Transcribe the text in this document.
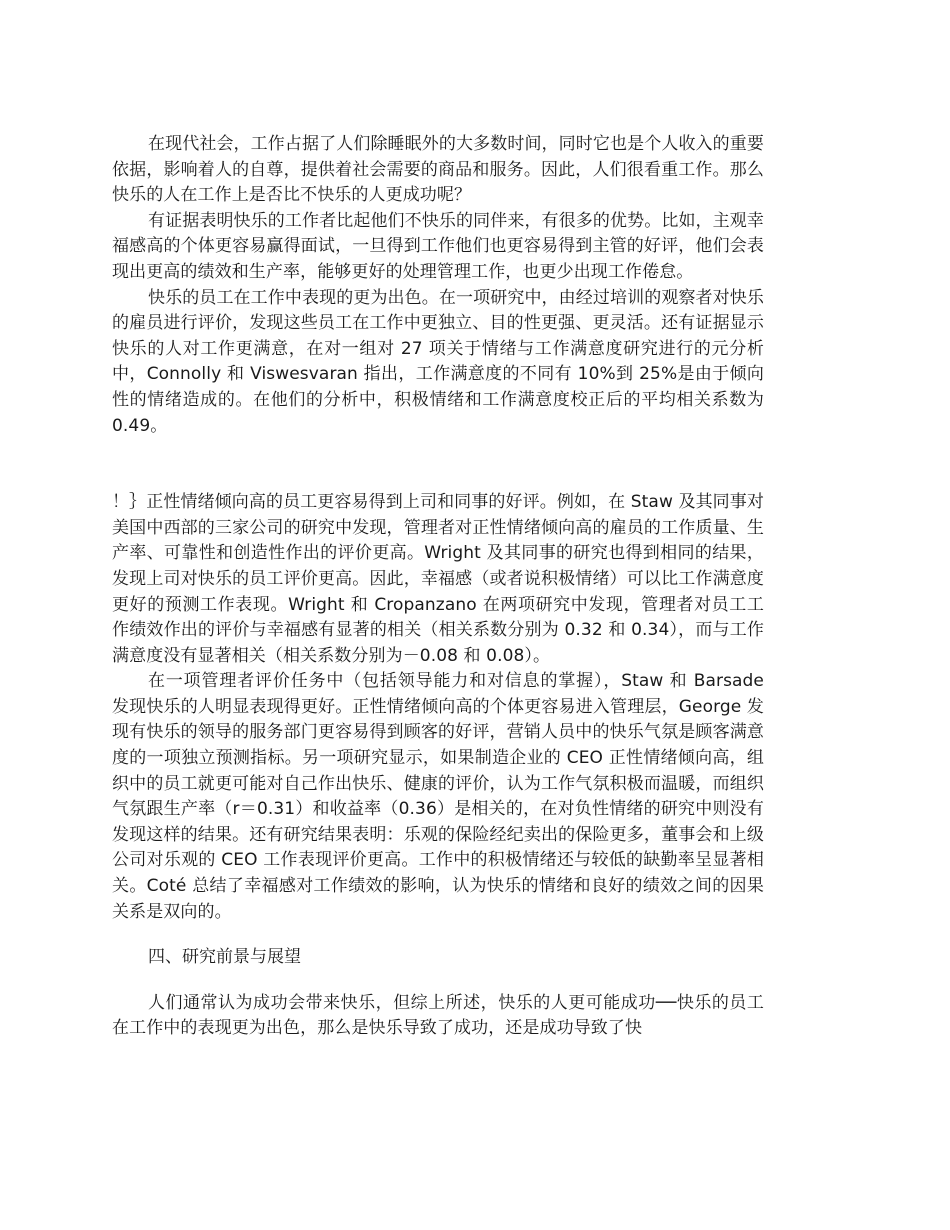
在现代社会，工作占据了人们除睡眠外的大多数时间，同时它也是个人收入的重要依据，影响着人的自尊，提供着社会需要的商品和服务。因此，人们很看重工作。那么快乐的人在工作上是否比不快乐的人更成功呢？

有证据表明快乐的工作者比起他们不快乐的同伴来，有很多的优势。比如，主观幸福感高的个体更容易赢得面试，一旦得到工作他们也更容易得到主管的好评，他们会表现出更高的绩效和生产率，能够更好的处理管理工作，也更少出现工作倦怠。

快乐的员工在工作中表现的更为出色。在一项研究中，由经过培训的观察者对快乐的雇员进行评价，发现这些员工在工作中更独立、目的性更强、更灵活。还有证据显示快乐的人对工作更满意，在对一组对 27 项关于情绪与工作满意度研究进行的元分析中，Connolly 和 Viswesvaran 指出，工作满意度的不同有 10%到 25%是由于倾向性的情绪造成的。在他们的分析中，积极情绪和工作满意度校正后的平均相关系数为 0.49。

！｝正性情绪倾向高的员工更容易得到上司和同事的好评。例如，在 Staw 及其同事对美国中西部的三家公司的研究中发现，管理者对正性情绪倾向高的雇员的工作质量、生产率、可靠性和创造性作出的评价更高。Wright 及其同事的研究也得到相同的结果，发现上司对快乐的员工评价更高。因此，幸福感（或者说积极情绪）可以比工作满意度更好的预测工作表现。Wright 和 Cropanzano 在两项研究中发现，管理者对员工工作绩效作出的评价与幸福感有显著的相关（相关系数分别为 0.32 和 0.34），而与工作满意度没有显著相关（相关系数分别为－0.08 和 0.08）。

在一项管理者评价任务中（包括领导能力和对信息的掌握），Staw 和 Barsade 发现快乐的人明显表现得更好。正性情绪倾向高的个体更容易进入管理层，George 发现有快乐的领导的服务部门更容易得到顾客的好评，营销人员中的快乐气氛是顾客满意度的一项独立预测指标。另一项研究显示，如果制造企业的 CEO 正性情绪倾向高，组织中的员工就更可能对自己作出快乐、健康的评价，认为工作气氛积极而温暖，而组织气氛跟生产率（r＝0.31）和收益率（0.36）是相关的，在对负性情绪的研究中则没有发现这样的结果。还有研究结果表明：乐观的保险经纪卖出的保险更多，董事会和上级公司对乐观的 CEO 工作表现评价更高。工作中的积极情绪还与较低的缺勤率呈显著相关。Coté 总结了幸福感对工作绩效的影响，认为快乐的情绪和良好的绩效之间的因果关系是双向的。

四、研究前景与展望

人们通常认为成功会带来快乐，但综上所述，快乐的人更可能成功──快乐的员工在工作中的表现更为出色，那么是快乐导致了成功，还是成功导致了快
